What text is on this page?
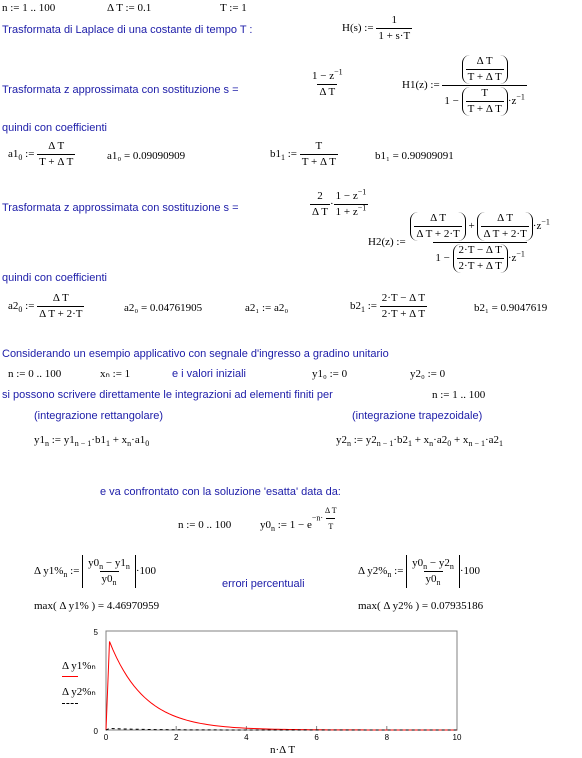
n := 1 .. 100	Δ T := 0.1	T := 1
Trasformata di Laplace di una costante di tempo T :	H(s) := $\frac{1}{1 + s\cdot T}$
Trasformata z approssimata con sostituzione s =	$\frac{1 - z^{-1}}{\text{Δ T}}$	H1(z) := $\frac{\frac{\text{Δ T}}{\text{T + Δ T}}}{1 - \frac{T}{\text{T + Δ T}} \cdot z^{-1}}$
quindi con coefficienti
$a1_0$ := $\frac{\text{Δ T}}{\text{T + Δ T}}$	a1₀ = 0.09090909	$b1_1$ := $\frac{T}{\text{T + Δ T}}$	b1₁ = 0.90909091
Trasformata z approssimata con sostituzione s =	$\frac{2}{\text{Δ T}} \cdot \frac{1 - z^{-1}}{1 + z^{-1}}$
H2(z) := $\frac{\frac{\text{Δ T}}{\text{Δ T + 2·T}} + \frac{\text{Δ T}}{\text{Δ T + 2·T}} \cdot z^{-1}}{1 - \frac{\text{2·T − Δ T}}{\text{2·T + Δ T}} \cdot z^{-1}}$
quindi con coefficienti
$a2_0$ := $\frac{\text{Δ T}}{\text{Δ T + 2·T}}$	a2₀ = 0.04761905	a2₁ := a2₀	$b2_1$ := $\frac{\text{2·T − Δ T}}{\text{2·T + Δ T}}$	b2₁ = 0.9047619
Considerando un esempio applicativo con segnale d'ingresso a gradino unitario
n := 0 .. 100	xₙ := 1	e i valori iniziali	y1₀ := 0	y2₀ := 0
si possono scrivere direttamente le integrazioni ad elementi finiti per	n := 1 .. 100
(integrazione rettangolare)	(integrazione trapezoidale)
$y1_n$ := $y1_{n - 1}\cdot b1_1 + x_n\cdot a1_0$	$y2_n$ := $y2_{n - 1}\cdot b2_1 + x_n\cdot a2_0 + x_{n - 1}\cdot a2_1$
e va confrontato con la soluzione 'esatta' data da:
n := 0 .. 100	$y0_n$ := $1 - e-n\cdot \frac{\text{Δ T}}{T}$
Δ $y1\%_n$ := $\frac{y0_n - y1_n}{y0_n} \cdot 100$
errori percentuali
Δ $y2\%_n$ := $\frac{y0_n - y2_n}{y0_n} \cdot 100$
max( Δ y1% ) = 4.46970959	max( Δ y2% ) = 0.07935186
Δ y1%ₙ
Δ y2%ₙ
0	2	4	6	8	10
5
0
n·Δ T
